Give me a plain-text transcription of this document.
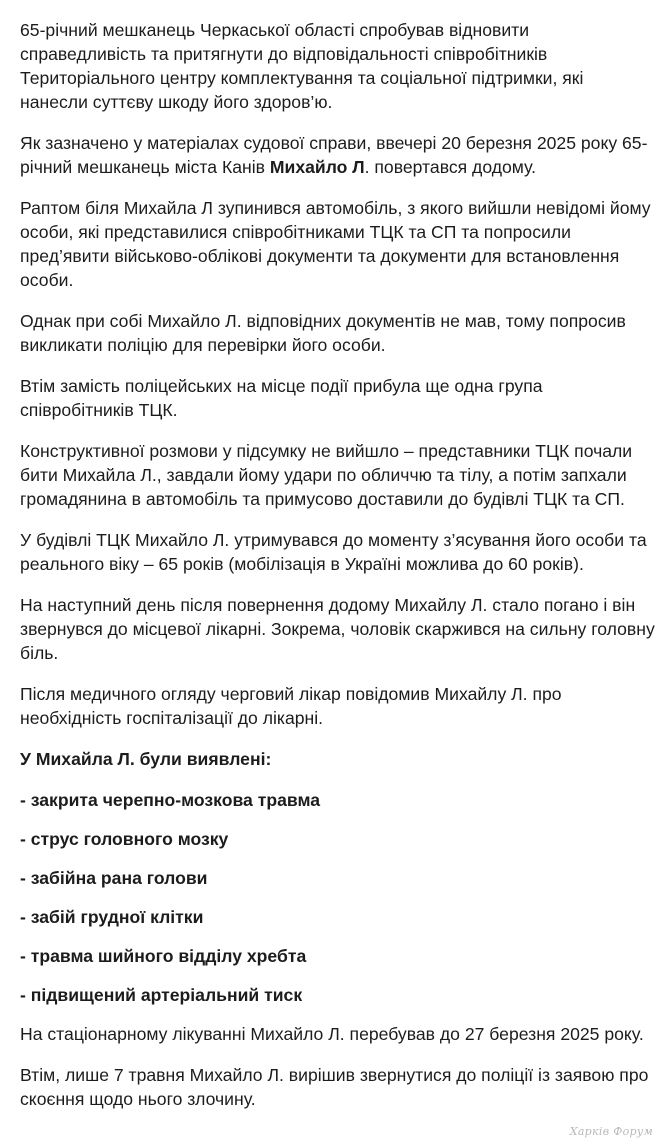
65-річний мешканець Черкаської області спробував відновити справедливість та притягнути до відповідальності співробітників Територіального центру комплектування та соціальної підтримки, які нанесли суттєву шкоду його здоров’ю.

Як зазначено у матеріалах судової справи, ввечері 20 березня 2025 року 65-річний мешканець міста Канів Михайло Л. повертався додому.

Раптом біля Михайла Л зупинився автомобіль, з якого вийшли невідомі йому особи, які представилися співробітниками ТЦК та СП та попросили пред’явити військово-облікові документи та документи для встановлення особи.

Однак при собі Михайло Л. відповідних документів не мав, тому попросив викликати поліцію для перевірки його особи.

Втім замість поліцейських на місце події прибула ще одна група співробітників ТЦК.

Конструктивної розмови у підсумку не вийшло – представники ТЦК почали бити Михайла Л., завдали йому удари по обличчю та тілу, а потім запхали громадянина в автомобіль та примусово доставили до будівлі ТЦК та СП.

У будівлі ТЦК Михайло Л. утримувався до моменту з’ясування його особи та реального віку – 65 років (мобілізація в Україні можлива до 60 років).

На наступний день після повернення додому Михайлу Л. стало погано і він звернувся до місцевої лікарні. Зокрема, чоловік скаржився на сильну головну біль.

Після медичного огляду черговий лікар повідомив Михайлу Л. про необхідність госпіталізації до лікарні.

У Михайла Л. були виявлені:

- закрита черепно-мозкова травма

- струс головного мозку

- забійна рана голови

- забій грудної клітки

- травма шийного відділу хребта

- підвищений артеріальний тиск

На стаціонарному лікуванні Михайло Л. перебував до 27 березня 2025 року.

Втім, лише 7 травня Михайло Л. вирішив звернутися до поліції із заявою про скоєння щодо нього злочину.

Харків Форум
